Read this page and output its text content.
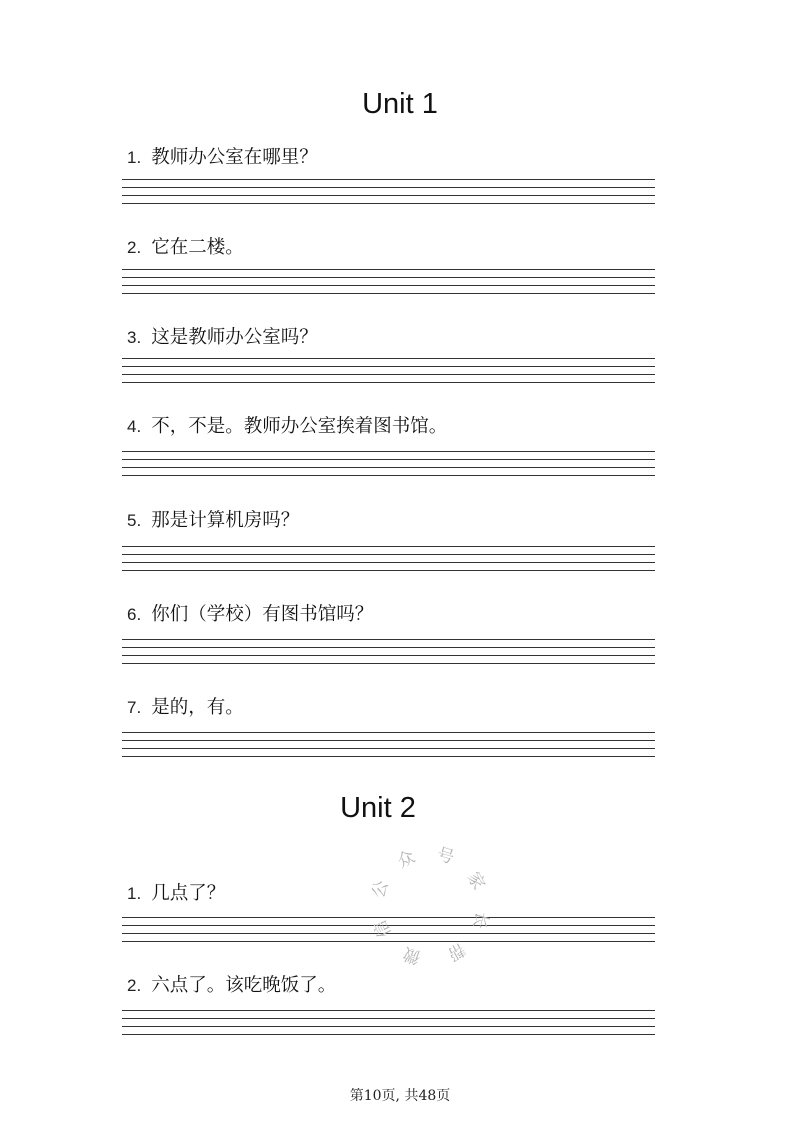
Unit 1
1. 教师办公室在哪里？
2. 它在二楼。
3. 这是教师办公室吗？
4. 不，不是。教师办公室挨着图书馆。
5. 那是计算机房吗？
6. 你们（学校）有图书馆吗？
7. 是的，有。
Unit 2
1. 几点了？
2. 六点了。该吃晚饭了。
微
信
公
众 号
家
长
帮
第10页, 共48页
